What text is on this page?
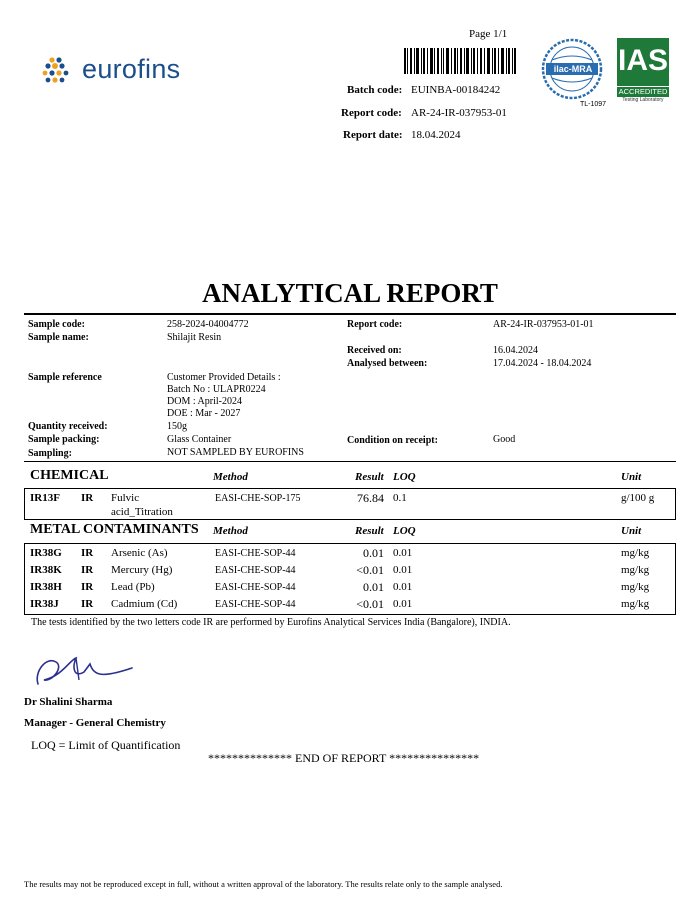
eurofins
Page 1/1
Batch code: EUINBA-00184242
Report code: AR-24-IR-037953-01
Report date: 18.04.2024
ilac-MRA
TL-1097
IAS
ACCREDITED
Testing Laboratory
ANALYTICAL REPORT
Sample code:	258-2024-04004772	Report code:	AR-24-IR-037953-01-01
Sample name:	Shilajit Resin
Received on:	16.04.2024
Analysed between:	17.04.2024 - 18.04.2024
Sample reference	Customer Provided Details :
Batch No : ULAPR0224
DOM : April-2024
DOE : Mar - 2027
Quantity received:	150g
Sample packing:	Glass Container	Condition on receipt:	Good
Sampling:	NOT SAMPLED BY EUROFINS
CHEMICAL	Method	Result LOQ	Unit
IR13F IR Fulvic
acid_Titration
EASI-CHE-SOP-175	76.84 0.1	g/100 g
METAL CONTAMINANTS Method	Result LOQ	Unit
IR38G IR Arsenic (As)	EASI-CHE-SOP-44	0.01 0.01	mg/kg
IR38K IR Mercury (Hg)	EASI-CHE-SOP-44	<0.01 0.01	mg/kg
IR38H IR Lead (Pb)	EASI-CHE-SOP-44	0.01 0.01	mg/kg
IR38J IR Cadmium (Cd)	EASI-CHE-SOP-44	<0.01 0.01	mg/kg
The tests identified by the two letters code IR are performed by Eurofins Analytical Services India (Bangalore), INDIA.
Dr Shalini Sharma
Manager - General Chemistry
LOQ = Limit of Quantification
************** END OF REPORT ***************
The results may not be reproduced except in full, without a written approval of the laboratory. The results relate only to the sample analysed.
